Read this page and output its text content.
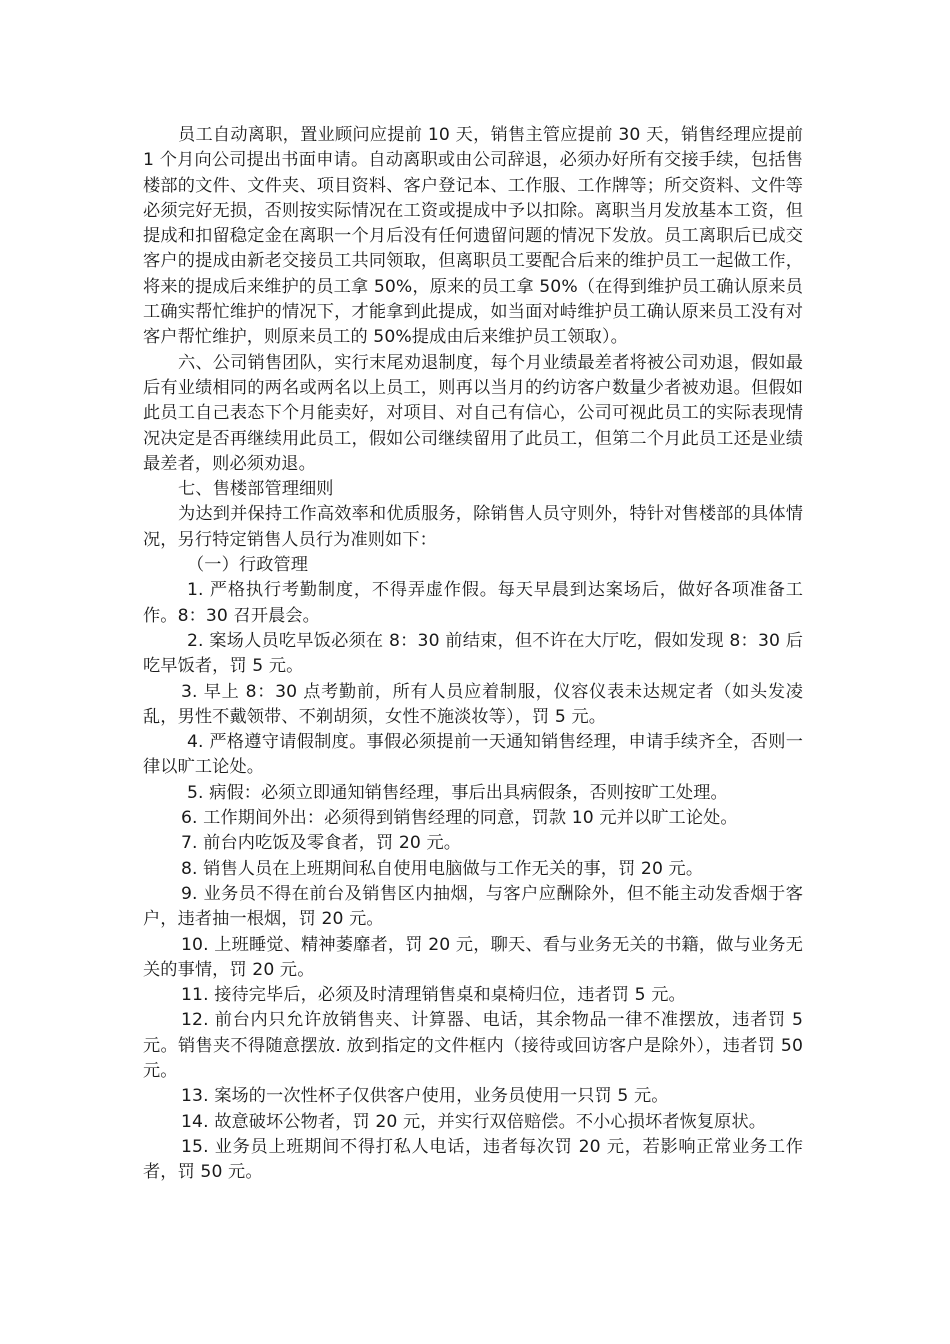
员工自动离职，置业顾问应提前 10 天，销售主管应提前 30 天，销售经理应提前 1 个月向公司提出书面申请。自动离职或由公司辞退，必须办好所有交接手续，包括售楼部的文件、文件夹、项目资料、客户登记本、工作服、工作牌等；所交资料、文件等必须完好无损，否则按实际情况在工资或提成中予以扣除。离职当月发放基本工资，但提成和扣留稳定金在离职一个月后没有任何遗留问题的情况下发放。员工离职后已成交客户的提成由新老交接员工共同领取，但离职员工要配合后来的维护员工一起做工作，将来的提成后来维护的员工拿 50%，原来的员工拿 50%（在得到维护员工确认原来员工确实帮忙维护的情况下，才能拿到此提成，如当面对峙维护员工确认原来员工没有对客户帮忙维护，则原来员工的 50%提成由后来维护员工领取）。

六、公司销售团队，实行末尾劝退制度，每个月业绩最差者将被公司劝退，假如最后有业绩相同的两名或两名以上员工，则再以当月的约访客户数量少者被劝退。但假如此员工自己表态下个月能卖好，对项目、对自己有信心，公司可视此员工的实际表现情况决定是否再继续用此员工，假如公司继续留用了此员工，但第二个月此员工还是业绩最差者，则必须劝退。

七、售楼部管理细则

为达到并保持工作高效率和优质服务，除销售人员守则外，特针对售楼部的具体情况，另行特定销售人员行为准则如下：

（一）行政管理

1. 严格执行考勤制度，不得弄虚作假。每天早晨到达案场后，做好各项准备工作。8：30 召开晨会。

2. 案场人员吃早饭必须在 8：30 前结束，但不许在大厅吃，假如发现 8：30 后吃早饭者，罚 5 元。

3. 早上 8：30 点考勤前，所有人员应着制服，仪容仪表未达规定者（如头发凌乱，男性不戴领带、不剃胡须，女性不施淡妆等），罚 5 元。

4. 严格遵守请假制度。事假必须提前一天通知销售经理，申请手续齐全，否则一律以旷工论处。

5. 病假：必须立即通知销售经理，事后出具病假条，否则按旷工处理。

6. 工作期间外出：必须得到销售经理的同意，罚款 10 元并以旷工论处。

7. 前台内吃饭及零食者，罚 20 元。

8. 销售人员在上班期间私自使用电脑做与工作无关的事，罚 20 元。

9. 业务员不得在前台及销售区内抽烟，与客户应酬除外，但不能主动发香烟于客户，违者抽一根烟，罚 20 元。

10. 上班睡觉、精神萎靡者，罚 20 元，聊天、看与业务无关的书籍，做与业务无关的事情，罚 20 元。

11. 接待完毕后，必须及时清理销售桌和桌椅归位，违者罚 5 元。

12. 前台内只允许放销售夹、计算器、电话，其余物品一律不准摆放，违者罚 5 元。销售夹不得随意摆放. 放到指定的文件框内（接待或回访客户是除外），违者罚 50 元。

13. 案场的一次性杯子仅供客户使用，业务员使用一只罚 5 元。

14. 故意破坏公物者，罚 20 元，并实行双倍赔偿。不小心损坏者恢复原状。

15. 业务员上班期间不得打私人电话，违者每次罚 20 元，若影响正常业务工作者，罚 50 元。
